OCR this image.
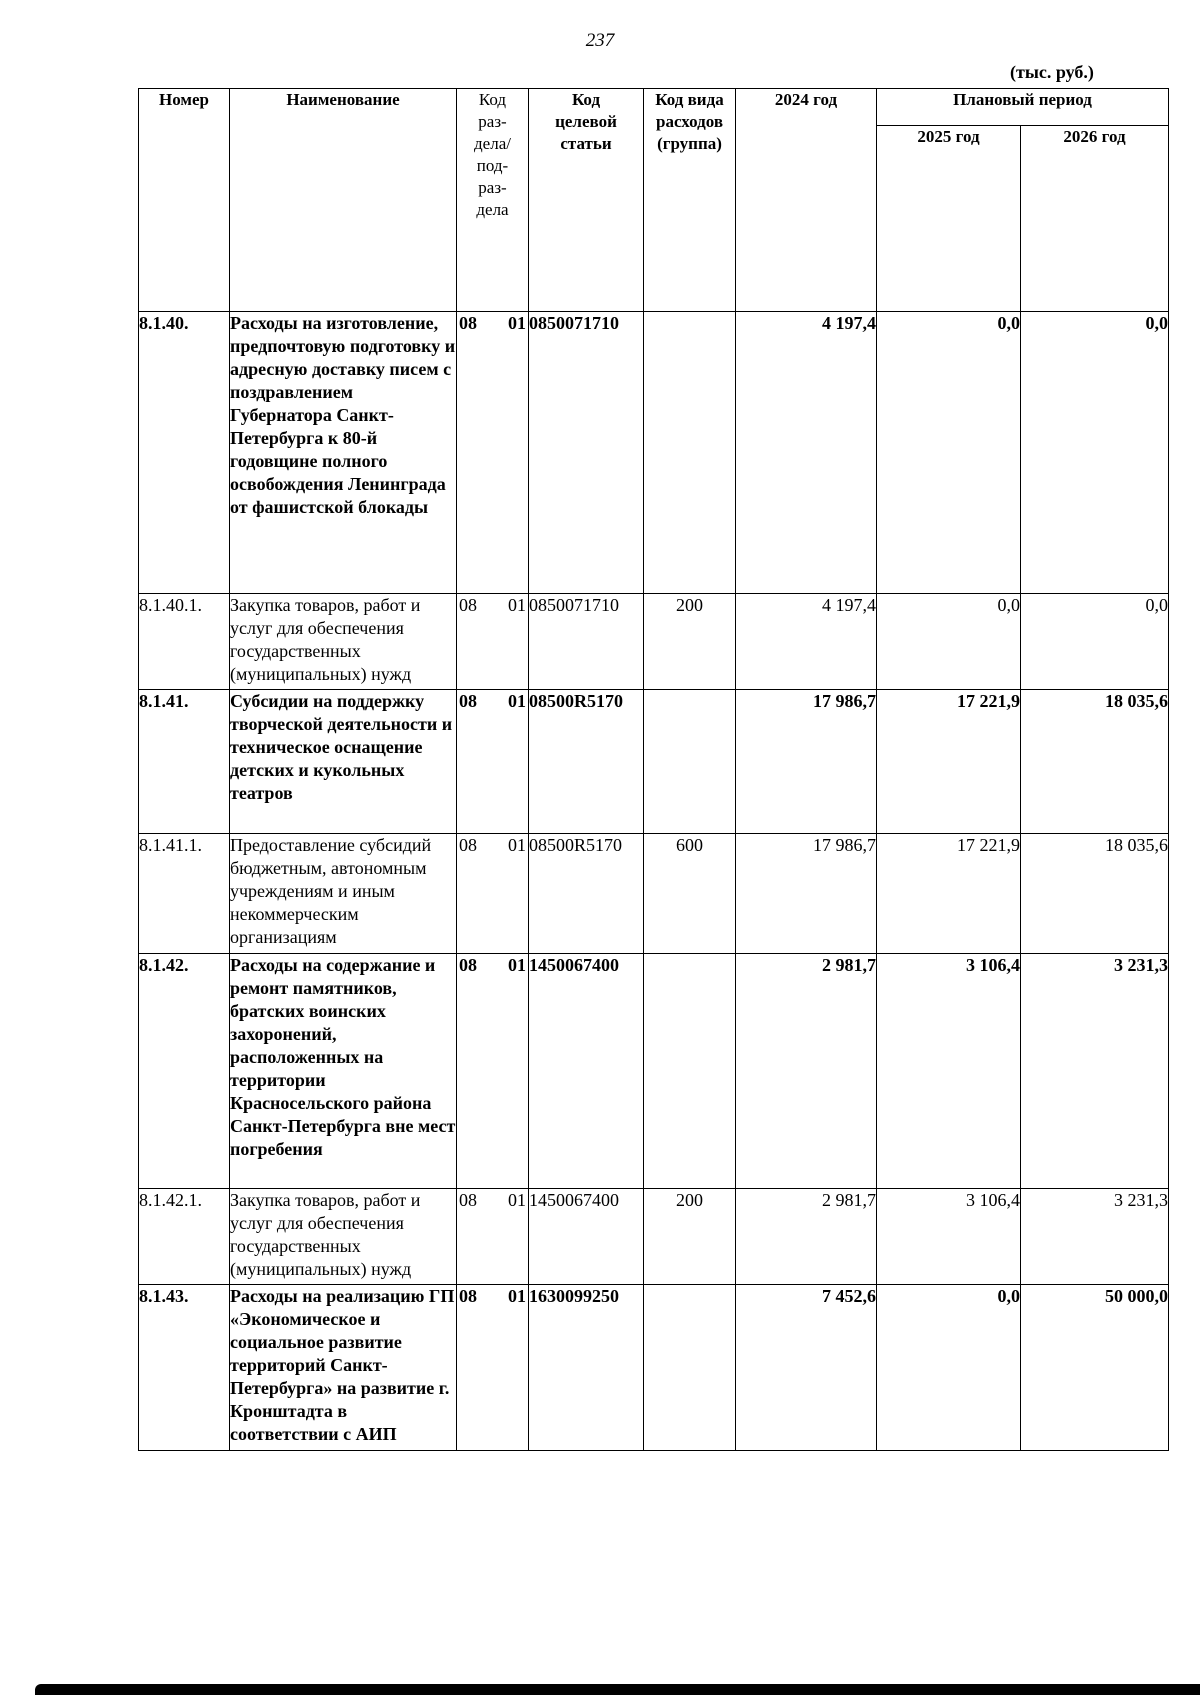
237
(тыс. руб.)
Номер	Наименование	Код раз- дела/ под- раз- дела	Код целевой статьи	Код вида расходов (группа)	2024 год	Плановый период	
						2025 год	2026 год
8.1.40.	Расходы на изготовление, предпочтовую подготовку и адресную доставку писем с поздравлением Губернатора Санкт-Петербурга к 80-й годовщине полного освобождения Ленинграда от фашистской блокады	08 01	0850071710		4 197,4	0,0	0,0
8.1.40.1.	Закупка товаров, работ и услуг для обеспечения государственных (муниципальных) нужд	08 01	0850071710	200	4 197,4	0,0	0,0
8.1.41.	Субсидии на поддержку творческой деятельности и техническое оснащение детских и кукольных театров	08 01	08500R5170		17 986,7	17 221,9	18 035,6
8.1.41.1.	Предоставление субсидий бюджетным, автономным учреждениям и иным некоммерческим организациям	08 01	08500R5170	600	17 986,7	17 221,9	18 035,6
8.1.42.	Расходы на содержание и ремонт памятников, братских воинских захоронений, расположенных на территории Красносельского района Санкт-Петербурга вне мест погребения	08 01	1450067400		2 981,7	3 106,4	3 231,3
8.1.42.1.	Закупка товаров, работ и услуг для обеспечения государственных (муниципальных) нужд	08 01	1450067400	200	2 981,7	3 106,4	3 231,3
8.1.43.	Расходы на реализацию ГП «Экономическое и социальное развитие территорий Санкт-Петербурга» на развитие г. Кронштадта в соответствии с АИП	08 01	1630099250		7 452,6	0,0	50 000,0
